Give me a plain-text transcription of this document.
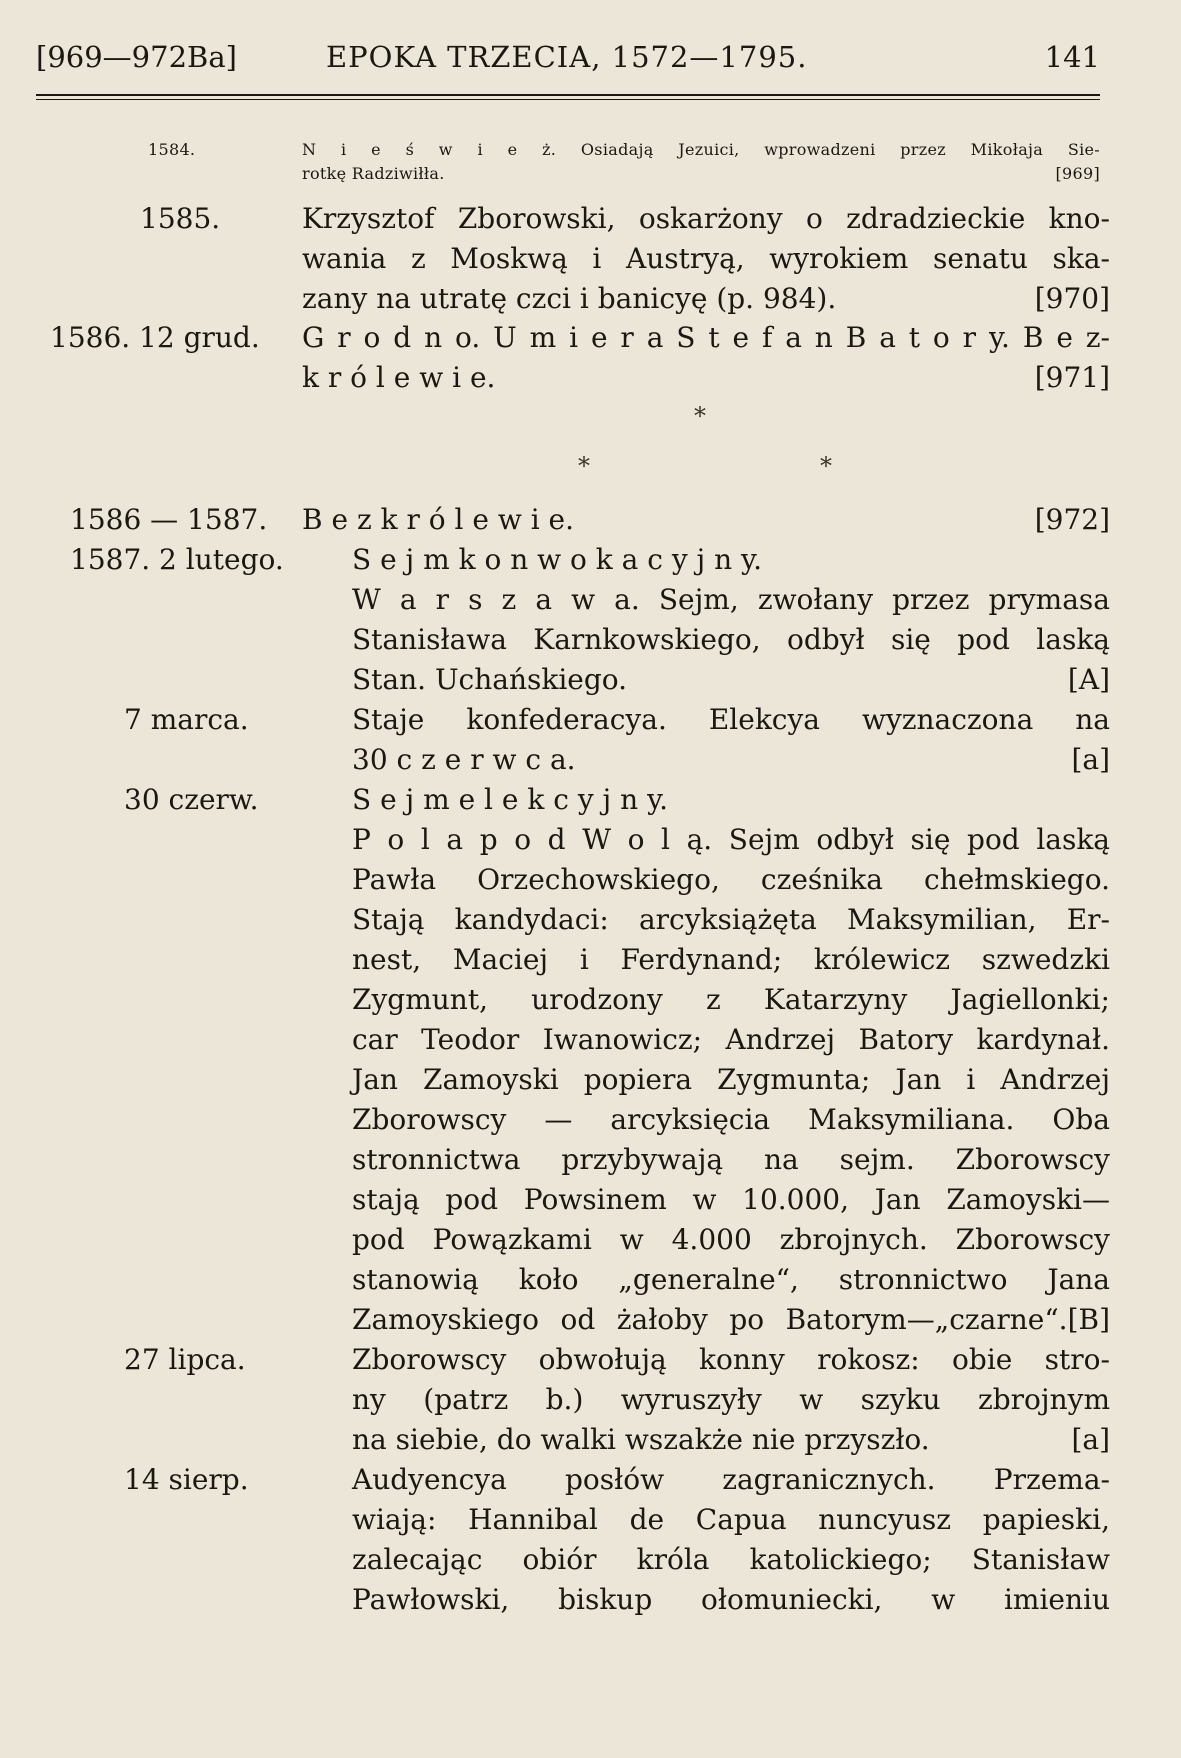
[969—972Ba]	EPOKA TRZECIA, 1572—1795.	141
1584.	N i e ś w i e ż. Osiadają Jezuici, wprowadzeni przez Mikołaja Sie-
rotkę Radziwiłła.	[969]
1585.	Krzysztof Zborowski, oskarżony o zdradzieckie kno-
wania z Moskwą i Austryą, wyrokiem senatu ska-
zany na utratę czci i banicyę (p. 984).	[970]
1586. 12 grud. G r o d n o. U m i e r a S t e f a n B a t o r y. B e z-
k r ó l e w i e.	[971]
*
*	*
1586 — 1587. B e z k r ó l e w i e.	[972]
1587. 2 lutego. S e j m k o n w o k a c y j n y.
W a r s z a w a. Sejm, zwołany przez prymasa
Stanisława Karnkowskiego, odbył się pod laską
Stan. Uchańskiego.	[A]
7 marca.	Staje konfederacya. Elekcya wyznaczona na
30 c z e r w c a.	[a]
30 czerw.	S e j m e l e k c y j n y.
P o l a p o d W o l ą. Sejm odbył się pod laską
Pawła Orzechowskiego, cześnika chełmskiego.
Stają kandydaci: arcyksiążęta Maksymilian, Er-
nest, Maciej i Ferdynand; królewicz szwedzki
Zygmunt, urodzony z Katarzyny Jagiellonki;
car Teodor Iwanowicz; Andrzej Batory kardynał.
Jan Zamoyski popiera Zygmunta; Jan i Andrzej
Zborowscy — arcyksięcia Maksymiliana. Oba
stronnictwa przybywają na sejm. Zborowscy
stają pod Powsinem w 10.000, Jan Zamoyski—
pod Powązkami w 4.000 zbrojnych. Zborowscy
stanowią koło „generalne“, stronnictwo Jana
Zamoyskiego od żałoby po Batorym—„czarne“.[B]
27 lipca.	Zborowscy obwołują konny rokosz: obie stro-
ny (patrz b.) wyruszyły w szyku zbrojnym
na siebie, do walki wszakże nie przyszło.	[a]
14 sierp.	Audyencya posłów zagranicznych. Przema-
wiają: Hannibal de Capua nuncyusz papieski,
zalecając obiór króla katolickiego; Stanisław
Pawłowski, biskup ołomuniecki, w imieniu
